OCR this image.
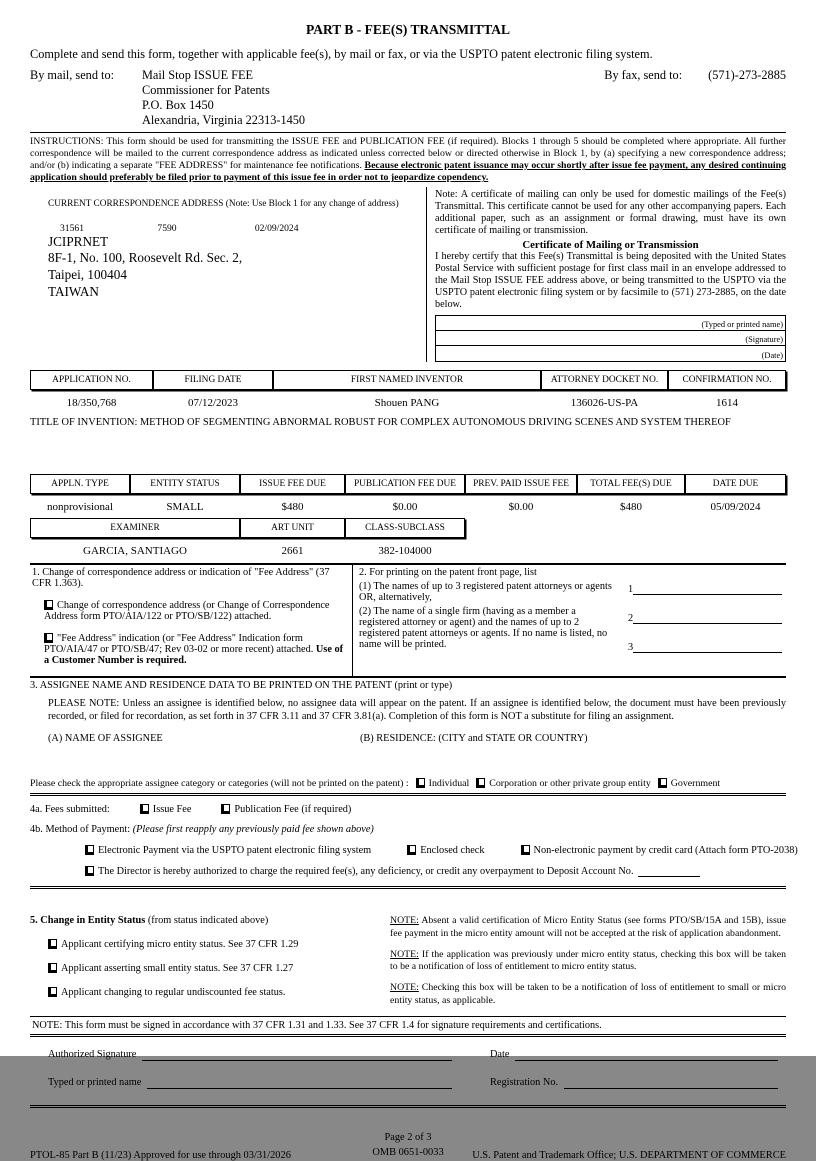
PART B - FEE(S) TRANSMITTAL
Complete and send this form, together with applicable fee(s), by mail or fax, or via the USPTO patent electronic filing system.
By mail, send to:	Mail Stop ISSUE FEE
Commissioner for Patents
P.O. Box 1450
Alexandria, Virginia 22313-1450
By fax, send to: (571)-273-2885
INSTRUCTIONS: This form should be used for transmitting the ISSUE FEE and PUBLICATION FEE (if required). Blocks 1 through 5 should be completed where appropriate. All further correspondence will be mailed to the current correspondence address as indicated unless corrected below or directed otherwise in Block 1, by (a) specifying a new correspondence address; and/or (b) indicating a separate "FEE ADDRESS" for maintenance fee notifications. Because electronic patent issuance may occur shortly after issue fee payment, any desired continuing application should preferably be filed prior to payment of this issue fee in order not to jeopardize copendency.
CURRENT CORRESPONDENCE ADDRESS (Note: Use Block 1 for any change of address)
31561	7590	02/09/2024
JCIPRNET
8F-1, No. 100, Roosevelt Rd. Sec. 2,
Taipei, 100404
TAIWAN
Note: A certificate of mailing can only be used for domestic mailings of the Fee(s) Transmittal. This certificate cannot be used for any other accompanying papers. Each additional paper, such as an assignment or formal drawing, must have its own certificate of mailing or transmission.
Certificate of Mailing or Transmission
I hereby certify that this Fee(s) Transmittal is being deposited with the United States Postal Service with sufficient postage for first class mail in an envelope addressed to the Mail Stop ISSUE FEE address above, or being transmitted to the USPTO via the USPTO patent electronic filing system or by facsimile to (571) 273-2885, on the date below.
(Typed or printed name)
(Signature)
(Date)
APPLICATION NO.	FILING DATE	FIRST NAMED INVENTOR	ATTORNEY DOCKET NO.	CONFIRMATION NO.
18/350,768	07/12/2023	Shouen PANG	136026-US-PA	1614
TITLE OF INVENTION: METHOD OF SEGMENTING ABNORMAL ROBUST FOR COMPLEX AUTONOMOUS DRIVING SCENES AND SYSTEM THEREOF
APPLN. TYPE	ENTITY STATUS	ISSUE FEE DUE	PUBLICATION FEE DUE	PREV. PAID ISSUE FEE	TOTAL FEE(S) DUE	DATE DUE
nonprovisional	SMALL	$480	$0.00	$0.00	$480	05/09/2024
EXAMINER	ART UNIT	CLASS-SUBCLASS
GARCIA, SANTIAGO	2661	382-104000
1. Change of correspondence address or indication of "Fee Address" (37 CFR 1.363).

Change of correspondence address (or Change of Correspondence Address form PTO/AIA/122 or PTO/SB/122) attached.

"Fee Address" indication (or "Fee Address" Indication form PTO/AIA/47 or PTO/SB/47; Rev 03-02 or more recent) attached. Use of a Customer Number is required.

2. For printing on the patent front page, list

(1) The names of up to 3 registered patent attorneys or agents OR, alternatively,

(2) The name of a single firm (having as a member a registered attorney or agent) and the names of up to 2 registered patent attorneys or agents. If no name is listed, no name will be printed.

1
2
3
3. ASSIGNEE NAME AND RESIDENCE DATA TO BE PRINTED ON THE PATENT (print or type)
PLEASE NOTE: Unless an assignee is identified below, no assignee data will appear on the patent. If an assignee is identified below, the document must have been previously recorded, or filed for recordation, as set forth in 37 CFR 3.11 and 37 CFR 3.81(a). Completion of this form is NOT a substitute for filing an assignment.
(A) NAME OF ASSIGNEE	(B) RESIDENCE: (CITY and STATE OR COUNTRY)
Please check the appropriate assignee category or categories (will not be printed on the patent) :	Individual	Corporation or other private group entity	Government
4a. Fees submitted:	Issue Fee	Publication Fee (if required)
4b. Method of Payment: (Please first reapply any previously paid fee shown above)
Electronic Payment via the USPTO patent electronic filing system	Enclosed check	Non-electronic payment by credit card (Attach form PTO-2038)
The Director is hereby authorized to charge the required fee(s), any deficiency, or credit any overpayment to Deposit Account No.
5. Change in Entity Status (from status indicated above)

Applicant certifying micro entity status. See 37 CFR 1.29

Applicant asserting small entity status. See 37 CFR 1.27

Applicant changing to regular undiscounted fee status.

NOTE: Absent a valid certification of Micro Entity Status (see forms PTO/SB/15A and 15B), issue fee payment in the micro entity amount will not be accepted at the risk of application abandonment.

NOTE: If the application was previously under micro entity status, checking this box will be taken to be a notification of loss of entitlement to micro entity status.

NOTE: Checking this box will be taken to be a notification of loss of entitlement to small or micro entity status, as applicable.

NOTE: This form must be signed in accordance with 37 CFR 1.31 and 1.33. See 37 CFR 1.4 for signature requirements and certifications.
Authorized Signature	Date
Typed or printed name	Registration No.
PTOL-85 Part B (11/23) Approved for use through 03/31/2026
Page 2 of 3
OMB 0651-0033	U.S. Patent and Trademark Office; U.S. DEPARTMENT OF COMMERCE
